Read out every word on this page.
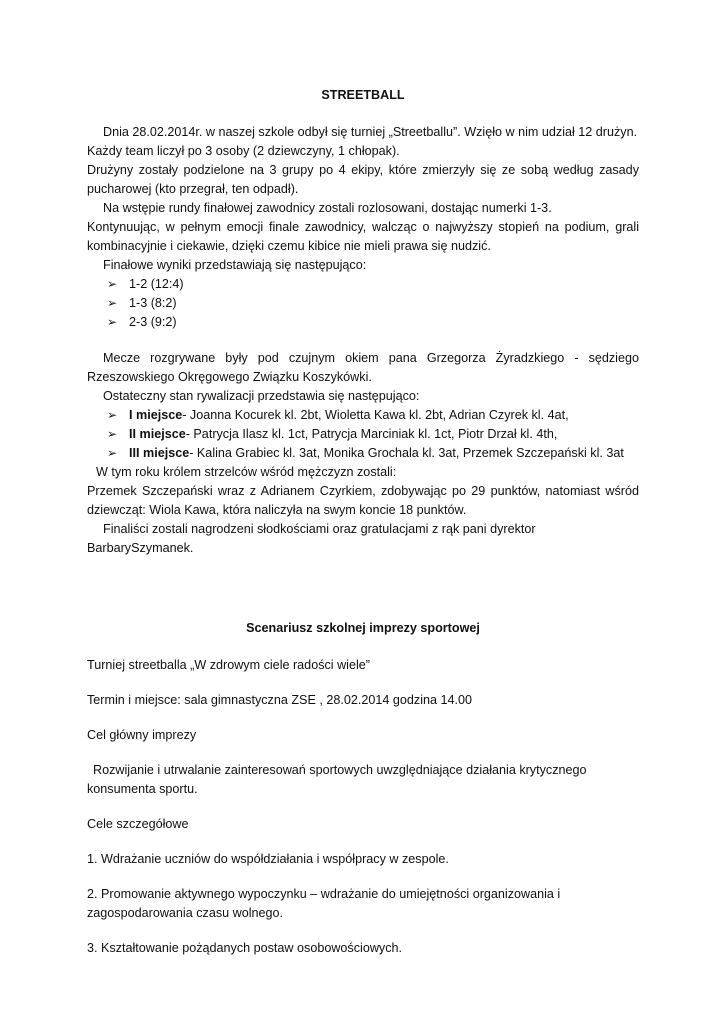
STREETBALL

Dnia 28.02.2014r. w naszej szkole odbył się turniej „Streetballu”. Wzięło w nim udział 12 drużyn.

Każdy team liczył po 3 osoby (2 dziewczyny, 1 chłopak).

Drużyny zostały podzielone na 3 grupy po 4 ekipy, które zmierzyły się ze sobą według zasady pucharowej (kto przegrał, ten odpadł).

Na wstępie rundy finałowej zawodnicy zostali rozlosowani, dostając numerki 1-3.

Kontynuując, w pełnym emocji finale zawodnicy, walcząc o najwyższy stopień na podium, grali kombinacyjnie i ciekawie, dzięki czemu kibice nie mieli prawa się nudzić.

Finałowe wyniki przedstawiają się następująco:

➢ 1-2 (12:4)
➢ 1-3 (8:2)
➢ 2-3 (9:2)

Mecze rozgrywane były pod czujnym okiem pana Grzegorza Żyradzkiego - sędziego Rzeszowskiego Okręgowego Związku Koszykówki.

Ostateczny stan rywalizacji przedstawia się następująco:

➢ I miejsce- Joanna Kocurek kl. 2bt, Wioletta Kawa kl. 2bt, Adrian Czyrek kl. 4at,
➢ II miejsce- Patrycja Ilasz kl. 1ct, Patrycja Marciniak kl. 1ct, Piotr Drzał kl. 4th,
➢ III miejsce- Kalina Grabiec kl. 3at, Monika Grochala kl. 3at, Przemek Szczepański kl. 3at

W tym roku królem strzelców wśród mężczyzn zostali:

Przemek Szczepański wraz z Adrianem Czyrkiem, zdobywając po 29 punktów, natomiast wśród dziewcząt: Wiola Kawa, która naliczyła na swym koncie 18 punktów.

Finaliści zostali nagrodzeni słodkościami oraz gratulacjami z rąk pani dyrektor BarbarySzymanek.

Scenariusz szkolnej imprezy sportowej

Turniej streetballa „W zdrowym ciele radości wiele”

Termin i miejsce: sala gimnastyczna ZSE , 28.02.2014 godzina 14.00

Cel główny imprezy

Rozwijanie i utrwalanie zainteresowań sportowych uwzględniające działania krytycznego konsumenta sportu.

Cele szczegółowe

1. Wdrażanie uczniów do współdziałania i współpracy w zespole.

2. Promowanie aktywnego wypoczynku – wdrażanie do umiejętności organizowania i zagospodarowania czasu wolnego.

3. Kształtowanie pożądanych postaw osobowościowych.
